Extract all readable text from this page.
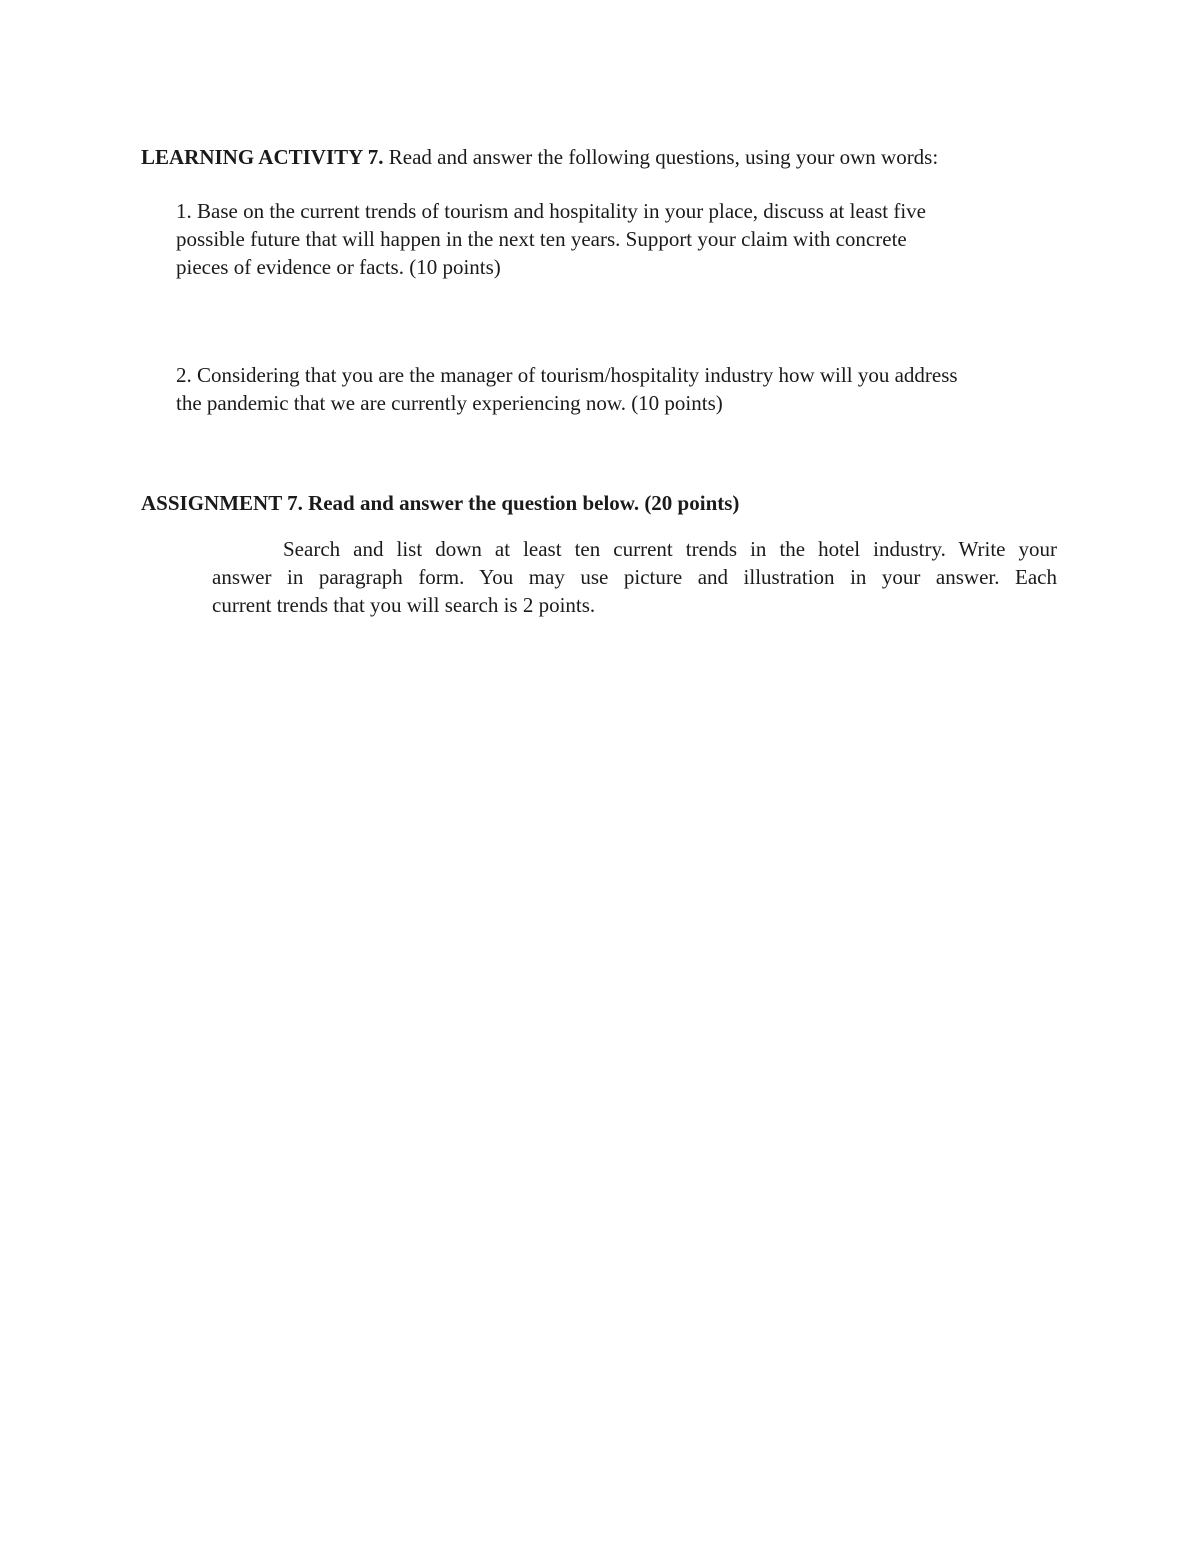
LEARNING ACTIVITY 7. Read and answer the following questions, using your own words:
1. Base on the current trends of tourism and hospitality in your place, discuss at least five
possible future that will happen in the next ten years. Support your claim with concrete
pieces of evidence or facts. (10 points)
2. Considering that you are the manager of tourism/hospitality industry how will you address
the pandemic that we are currently experiencing now. (10 points)
ASSIGNMENT 7. Read and answer the question below. (20 points)
Search and list down at least ten current trends in the hotel industry. Write your
answer in paragraph form. You may use picture and illustration in your answer. Each
current trends that you will search is 2 points.
